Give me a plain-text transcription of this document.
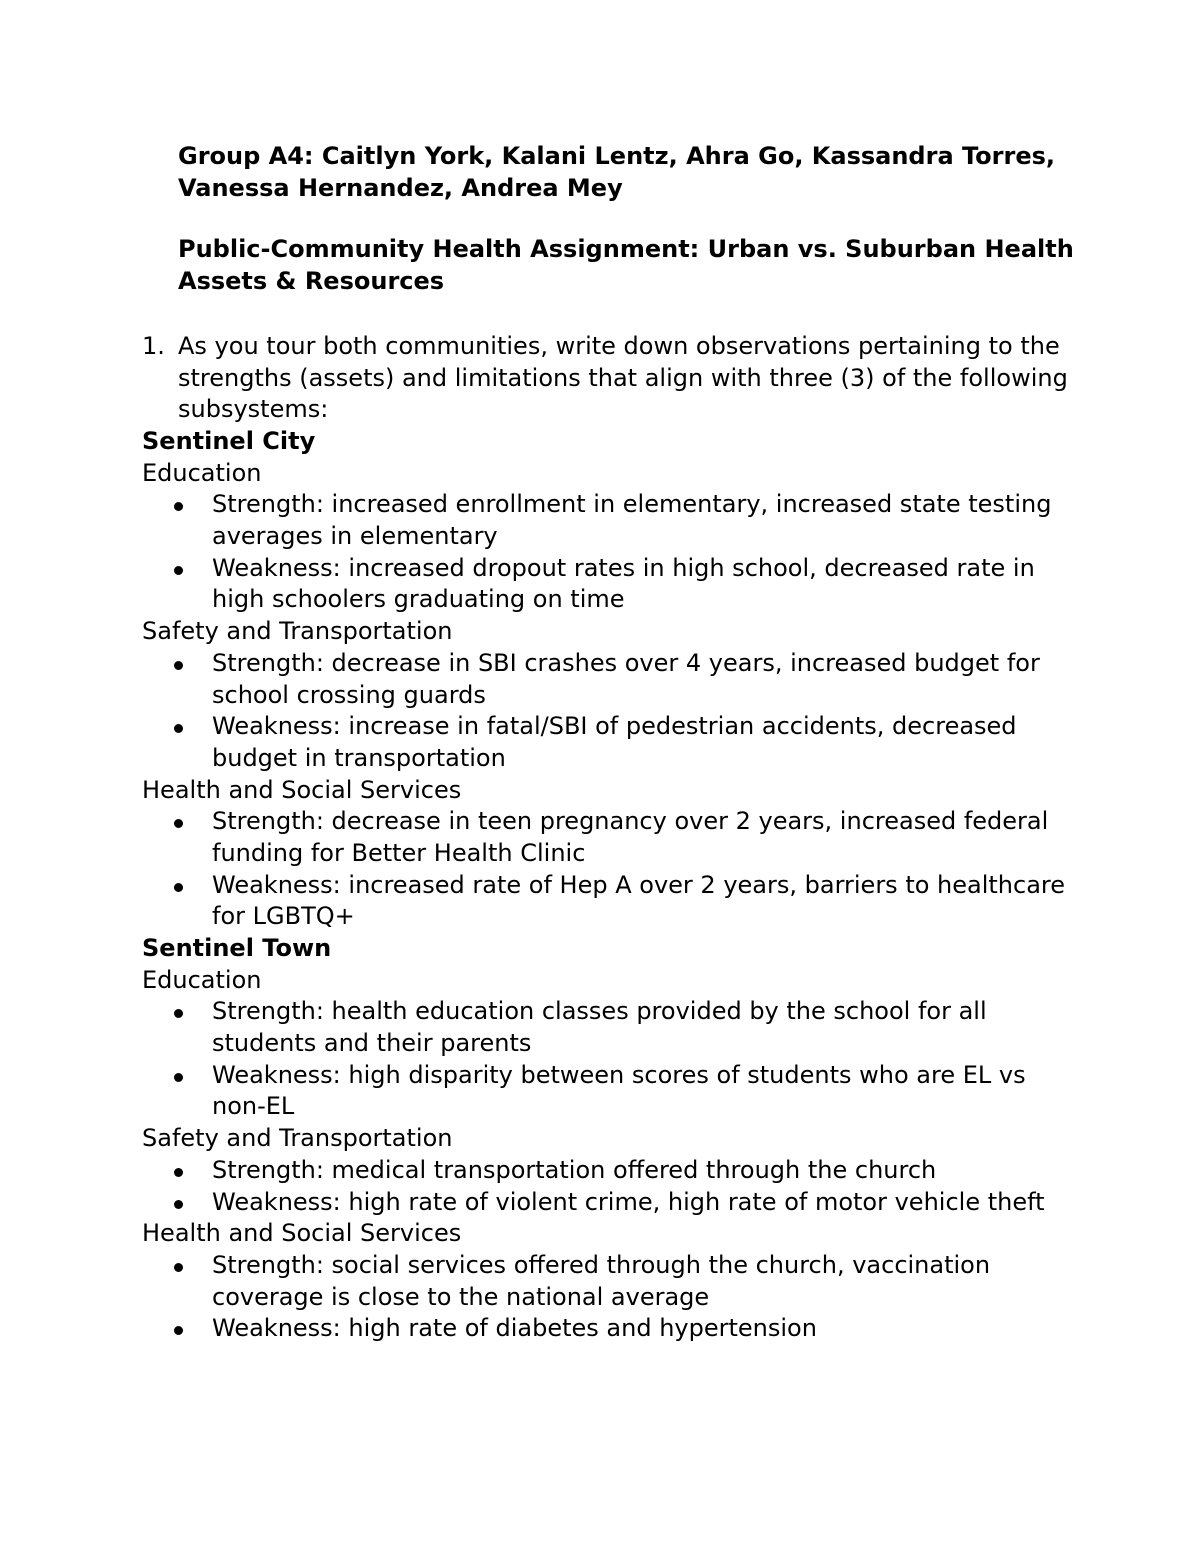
Group A4: Caitlyn York, Kalani Lentz, Ahra Go, Kassandra Torres,
Vanessa Hernandez, Andrea Mey
Public-Community Health Assignment: Urban vs. Suburban Health
Assets & Resources
1. As you tour both communities, write down observations pertaining to the
strengths (assets) and limitations that align with three (3) of the following
subsystems:
Sentinel City
Education
Strength: increased enrollment in elementary, increased state testing
averages in elementary
Weakness: increased dropout rates in high school, decreased rate in
high schoolers graduating on time
Safety and Transportation
Strength: decrease in SBI crashes over 4 years, increased budget for
school crossing guards
Weakness: increase in fatal/SBI of pedestrian accidents, decreased
budget in transportation
Health and Social Services
Strength: decrease in teen pregnancy over 2 years, increased federal
funding for Better Health Clinic
Weakness: increased rate of Hep A over 2 years, barriers to healthcare
for LGBTQ+
Sentinel Town
Education
Strength: health education classes provided by the school for all
students and their parents
Weakness: high disparity between scores of students who are EL vs
non-EL
Safety and Transportation
Strength: medical transportation offered through the church
Weakness: high rate of violent crime, high rate of motor vehicle theft
Health and Social Services
Strength: social services offered through the church, vaccination
coverage is close to the national average
Weakness: high rate of diabetes and hypertension
